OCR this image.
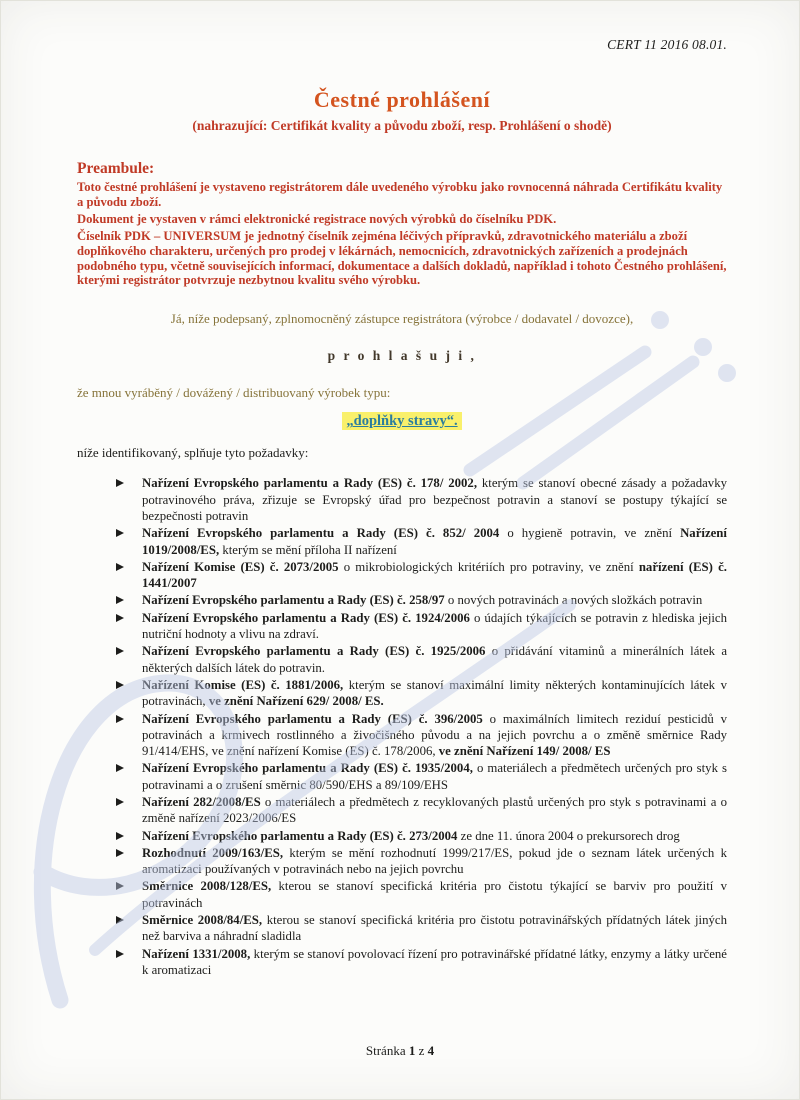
CERT 11 2016 08.01.
Čestné prohlášení
(nahrazující: Certifikát kvality a původu zboží, resp. Prohlášení o shodě)
Preambule:

Toto čestné prohlášení je vystaveno registrátorem dále uvedeného výrobku jako rovnocenná náhrada Certifikátu kvality a původu zboží.

Dokument je vystaven v rámci elektronické registrace nových výrobků do číselníku PDK.

Číselník PDK – UNIVERSUM je jednotný číselník zejména léčivých přípravků, zdravotnického materiálu a zboží doplňkového charakteru, určených pro prodej v lékárnách, nemocnicích, zdravotnických zařízeních a prodejnách podobného typu, včetně souvisejících informací, dokumentace a dalších dokladů, například i tohoto Čestného prohlášení, kterými registrátor potvrzuje nezbytnou kvalitu svého výrobku.

Já, níže podepsaný, zplnomocněný zástupce registrátora (výrobce / dodavatel / dovozce),

p r o h l a š u j i ,

že mnou vyráběný / dovážený / distribuovaný výrobek typu:

„doplňky stravy“.

níže identifikovaný, splňuje tyto požadavky:

Nařízení Evropského parlamentu a Rady (ES) č. 178/ 2002, kterým se stanoví obecné zásady a požadavky potravinového práva, zřizuje se Evropský úřad pro bezpečnost potravin a stanoví se postupy týkající se bezpečnosti potravin
Nařízení Evropského parlamentu a Rady (ES) č. 852/ 2004 o hygieně potravin, ve znění Nařízení 1019/2008/ES, kterým se mění příloha II nařízení
Nařízení Komise (ES) č. 2073/2005 o mikrobiologických kritériích pro potraviny, ve znění nařízení (ES) č. 1441/2007
Nařízení Evropského parlamentu a Rady (ES) č. 258/97 o nových potravinách a nových složkách potravin
Nařízení Evropského parlamentu a Rady (ES) č. 1924/2006 o údajích týkajících se potravin z hlediska jejich nutriční hodnoty a vlivu na zdraví.
Nařízení Evropského parlamentu a Rady (ES) č. 1925/2006 o přidávání vitaminů a minerálních látek a některých dalších látek do potravin.
Nařízení Komise (ES) č. 1881/2006, kterým se stanoví maximální limity některých kontaminujících látek v potravinách, ve znění Nařízení 629/ 2008/ ES.
Nařízení Evropského parlamentu a Rady (ES) č. 396/2005 o maximálních limitech reziduí pesticidů v potravinách a krmivech rostlinného a živočišného původu a na jejich povrchu a o změně směrnice Rady 91/414/EHS, ve znění nařízení Komise (ES) č. 178/2006, ve znění Nařízení 149/ 2008/ ES
Nařízení Evropského parlamentu a Rady (ES) č. 1935/2004, o materiálech a předmětech určených pro styk s potravinami a o zrušení směrnic 80/590/EHS a 89/109/EHS
Nařízení 282/2008/ES o materiálech a předmětech z recyklovaných plastů určených pro styk s potravinami a o změně nařízení 2023/2006/ES
Nařízení Evropského parlamentu a Rady (ES) č. 273/2004 ze dne 11. února 2004 o prekursorech drog
Rozhodnutí 2009/163/ES, kterým se mění rozhodnutí 1999/217/ES, pokud jde o seznam látek určených k aromatizaci používaných v potravinách nebo na jejich povrchu
Směrnice 2008/128/ES, kterou se stanoví specifická kritéria pro čistotu týkající se barviv pro použití v potravinách
Směrnice 2008/84/ES, kterou se stanoví specifická kritéria pro čistotu potravinářských přídatných látek jiných než barviva a náhradní sladidla
Nařízení 1331/2008, kterým se stanoví povolovací řízení pro potravinářské přídatné látky, enzymy a látky určené k aromatizaci
Stránka 1 z 4
